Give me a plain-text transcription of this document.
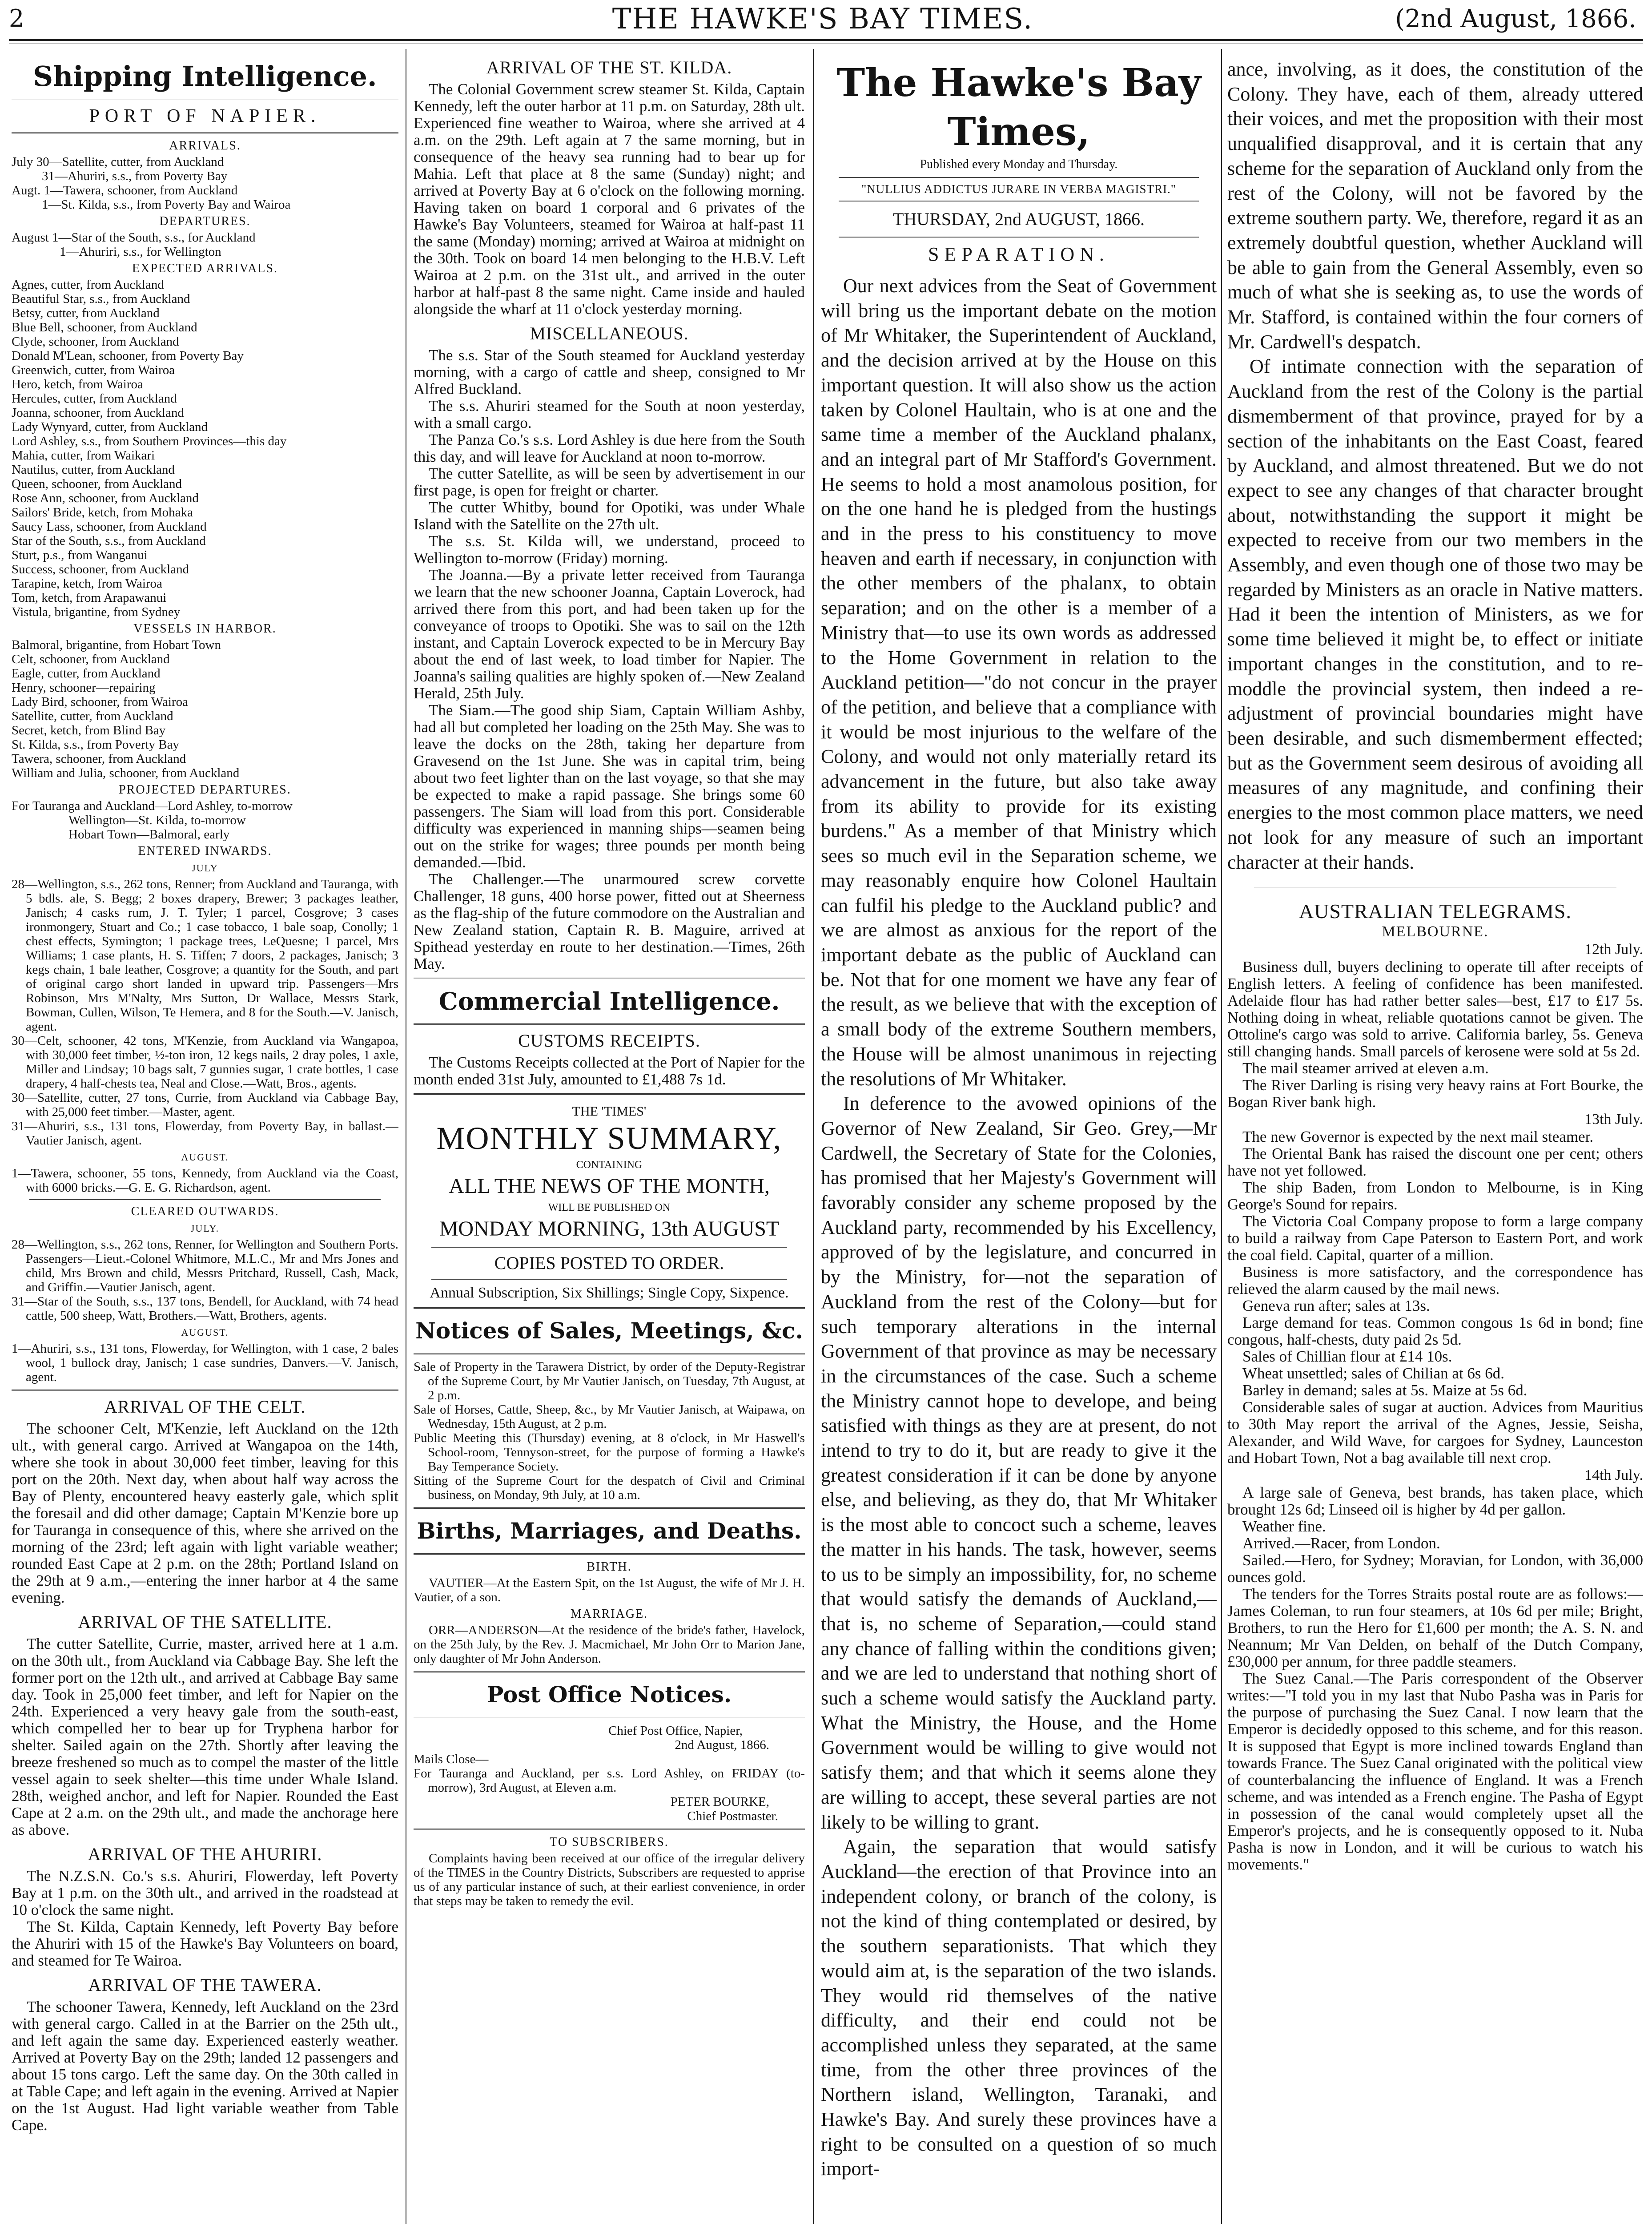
2	THE HAWKE'S BAY TIMES.	(2nd August, 1866.
Shipping Intelligence.
PORT OF NAPIER.
ARRIVALS.

July 30—Satellite, cutter, from Auckland

31—Ahuriri, s.s., from Poverty Bay

Augt. 1—Tawera, schooner, from Auckland

1—St. Kilda, s.s., from Poverty Bay and Wairoa

DEPARTURES.

August 1—Star of the South, s.s., for Auckland

1—Ahuriri, s.s., for Wellington

EXPECTED ARRIVALS.

Agnes, cutter, from Auckland

Beautiful Star, s.s., from Auckland

Betsy, cutter, from Auckland

Blue Bell, schooner, from Auckland

Clyde, schooner, from Auckland

Donald M'Lean, schooner, from Poverty Bay

Greenwich, cutter, from Wairoa

Hero, ketch, from Wairoa

Hercules, cutter, from Auckland

Joanna, schooner, from Auckland

Lady Wynyard, cutter, from Auckland

Lord Ashley, s.s., from Southern Provinces—this day

Mahia, cutter, from Waikari

Nautilus, cutter, from Auckland

Queen, schooner, from Auckland

Rose Ann, schooner, from Auckland

Sailors' Bride, ketch, from Mohaka

Saucy Lass, schooner, from Auckland

Star of the South, s.s., from Auckland

Sturt, p.s., from Wanganui

Success, schooner, from Auckland

Tarapine, ketch, from Wairoa

Tom, ketch, from Arapawanui

Vistula, brigantine, from Sydney

VESSELS IN HARBOR.

Balmoral, brigantine, from Hobart Town

Celt, schooner, from Auckland

Eagle, cutter, from Auckland

Henry, schooner—repairing

Lady Bird, schooner, from Wairoa

Satellite, cutter, from Auckland

Secret, ketch, from Blind Bay

St. Kilda, s.s., from Poverty Bay

Tawera, schooner, from Auckland

William and Julia, schooner, from Auckland

PROJECTED DEPARTURES.

For Tauranga and Auckland—Lord Ashley, to-morrow

Wellington—St. Kilda, to-morrow

Hobart Town—Balmoral, early

ENTERED INWARDS.
JULY

28—Wellington, s.s., 262 tons, Renner; from Auckland and Tauranga, with 5 bdls. ale, S. Begg; 2 boxes drapery, Brewer; 3 packages leather, Janisch; 4 casks rum, J. T. Tyler; 1 parcel, Cosgrove; 3 cases ironmongery, Stuart and Co.; 1 case tobacco, 1 bale soap, Conolly; 1 chest effects, Symington; 1 package trees, LeQuesne; 1 parcel, Mrs Williams; 1 case plants, H. S. Tiffen; 7 doors, 2 packages, Janisch; 3 kegs chain, 1 bale leather, Cosgrove; a quantity for the South, and part of original cargo short landed in upward trip. Passengers—Mrs Robinson, Mrs M'Nalty, Mrs Sutton, Dr Wallace, Messrs Stark, Bowman, Cullen, Wilson, Te Hemera, and 8 for the South.—V. Janisch, agent.

30—Celt, schooner, 42 tons, M'Kenzie, from Auckland via Wangapoa, with 30,000 feet timber, ½-ton iron, 12 kegs nails, 2 dray poles, 1 axle, Miller and Lindsay; 10 bags salt, 7 gunnies sugar, 1 crate bottles, 1 case drapery, 4 half-chests tea, Neal and Close.—Watt, Bros., agents.

30—Satellite, cutter, 27 tons, Currie, from Auckland via Cabbage Bay, with 25,000 feet timber.—Master, agent.

31—Ahuriri, s.s., 131 tons, Flowerday, from Poverty Bay, in ballast.—Vautier Janisch, agent.

AUGUST.

1—Tawera, schooner, 55 tons, Kennedy, from Auckland via the Coast, with 6000 bricks.—G. E. G. Richardson, agent.

CLEARED OUTWARDS.
JULY.

28—Wellington, s.s., 262 tons, Renner, for Wellington and Southern Ports. Passengers—Lieut.-Colonel Whitmore, M.L.C., Mr and Mrs Jones and child, Mrs Brown and child, Messrs Pritchard, Russell, Cash, Mack, and Griffin.—Vautier Janisch, agent.

31—Star of the South, s.s., 137 tons, Bendell, for Auckland, with 74 head cattle, 500 sheep, Watt, Brothers.—Watt, Brothers, agents.

AUGUST.

1—Ahuriri, s.s., 131 tons, Flowerday, for Wellington, with 1 case, 2 bales wool, 1 bullock dray, Janisch; 1 case sundries, Danvers.—V. Janisch, agent.

ARRIVAL OF THE CELT.

The schooner Celt, M'Kenzie, left Auckland on the 12th ult., with general cargo. Arrived at Wangapoa on the 14th, where she took in about 30,000 feet timber, leaving for this port on the 20th. Next day, when about half way across the Bay of Plenty, encountered heavy easterly gale, which split the foresail and did other damage; Captain M'Kenzie bore up for Tauranga in consequence of this, where she arrived on the morning of the 23rd; left again with light variable weather; rounded East Cape at 2 p.m. on the 28th; Portland Island on the 29th at 9 a.m.,—entering the inner harbor at 4 the same evening.

ARRIVAL OF THE SATELLITE.

The cutter Satellite, Currie, master, arrived here at 1 a.m. on the 30th ult., from Auckland via Cabbage Bay. She left the former port on the 12th ult., and arrived at Cabbage Bay same day. Took in 25,000 feet timber, and left for Napier on the 24th. Experienced a very heavy gale from the south-east, which compelled her to bear up for Tryphena harbor for shelter. Sailed again on the 27th. Shortly after leaving the breeze freshened so much as to compel the master of the little vessel again to seek shelter—this time under Whale Island. 28th, weighed anchor, and left for Napier. Rounded the East Cape at 2 a.m. on the 29th ult., and made the anchorage here as above.

ARRIVAL OF THE AHURIRI.

The N.Z.S.N. Co.'s s.s. Ahuriri, Flowerday, left Poverty Bay at 1 p.m. on the 30th ult., and arrived in the roadstead at 10 o'clock the same night.

The St. Kilda, Captain Kennedy, left Poverty Bay before the Ahuriri with 15 of the Hawke's Bay Volunteers on board, and steamed for Te Wairoa.

ARRIVAL OF THE TAWERA.

The schooner Tawera, Kennedy, left Auckland on the 23rd with general cargo. Called in at the Barrier on the 25th ult., and left again the same day. Experienced easterly weather. Arrived at Poverty Bay on the 29th; landed 12 passengers and about 15 tons cargo. Left the same day. On the 30th called in at Table Cape; and left again in the evening. Arrived at Napier on the 1st August. Had light variable weather from Table Cape.

ARRIVAL OF THE ST. KILDA.

The Colonial Government screw steamer St. Kilda, Captain Kennedy, left the outer harbor at 11 p.m. on Saturday, 28th ult. Experienced fine weather to Wairoa, where she arrived at 4 a.m. on the 29th. Left again at 7 the same morning, but in consequence of the heavy sea running had to bear up for Mahia. Left that place at 8 the same (Sunday) night; and arrived at Poverty Bay at 6 o'clock on the following morning. Having taken on board 1 corporal and 6 privates of the Hawke's Bay Volunteers, steamed for Wairoa at half-past 11 the same (Monday) morning; arrived at Wairoa at midnight on the 30th. Took on board 14 men belonging to the H.B.V. Left Wairoa at 2 p.m. on the 31st ult., and arrived in the outer harbor at half-past 8 the same night. Came inside and hauled alongside the wharf at 11 o'clock yesterday morning.

MISCELLANEOUS.

The s.s. Star of the South steamed for Auckland yesterday morning, with a cargo of cattle and sheep, consigned to Mr Alfred Buckland.

The s.s. Ahuriri steamed for the South at noon yesterday, with a small cargo.

The Panza Co.'s s.s. Lord Ashley is due here from the South this day, and will leave for Auckland at noon to-morrow.

The cutter Satellite, as will be seen by advertisement in our first page, is open for freight or charter.

The cutter Whitby, bound for Opotiki, was under Whale Island with the Satellite on the 27th ult.

The s.s. St. Kilda will, we understand, proceed to Wellington to-morrow (Friday) morning.

The Joanna.—By a private letter received from Tauranga we learn that the new schooner Joanna, Captain Loverock, had arrived there from this port, and had been taken up for the conveyance of troops to Opotiki. She was to sail on the 12th instant, and Captain Loverock expected to be in Mercury Bay about the end of last week, to load timber for Napier. The Joanna's sailing qualities are highly spoken of.—New Zealand Herald, 25th July.

The Siam.—The good ship Siam, Captain William Ashby, had all but completed her loading on the 25th May. She was to leave the docks on the 28th, taking her departure from Gravesend on the 1st June. She was in capital trim, being about two feet lighter than on the last voyage, so that she may be expected to make a rapid passage. She brings some 60 passengers. The Siam will load from this port. Considerable difficulty was experienced in manning ships—seamen being out on the strike for wages; three pounds per month being demanded.—Ibid.

The Challenger.—The unarmoured screw corvette Challenger, 18 guns, 400 horse power, fitted out at Sheerness as the flag-ship of the future commodore on the Australian and New Zealand station, Captain R. B. Maguire, arrived at Spithead yesterday en route to her destination.—Times, 26th May.

Commercial Intelligence.
CUSTOMS RECEIPTS.

The Customs Receipts collected at the Port of Napier for the month ended 31st July, amounted to £1,488 7s 1d.

THE 'TIMES'
MONTHLY SUMMARY,
CONTAINING
ALL THE NEWS OF THE MONTH,
WILL BE PUBLISHED ON
MONDAY MORNING, 13th AUGUST
COPIES POSTED TO ORDER.
Annual Subscription, Six Shillings; Single Copy, Sixpence.
Notices of Sales, Meetings, &c.

Sale of Property in the Tarawera District, by order of the Deputy-Registrar of the Supreme Court, by Mr Vautier Janisch, on Tuesday, 7th August, at 2 p.m.

Sale of Horses, Cattle, Sheep, &c., by Mr Vautier Janisch, at Waipawa, on Wednesday, 15th August, at 2 p.m.

Public Meeting this (Thursday) evening, at 8 o'clock, in Mr Haswell's School-room, Tennyson-street, for the purpose of forming a Hawke's Bay Temperance Society.

Sitting of the Supreme Court for the despatch of Civil and Criminal business, on Monday, 9th July, at 10 a.m.

Births, Marriages, and Deaths.
BIRTH.

VAUTIER—At the Eastern Spit, on the 1st August, the wife of Mr J. H. Vautier, of a son.

MARRIAGE.

ORR—ANDERSON—At the residence of the bride's father, Havelock, on the 25th July, by the Rev. J. Macmichael, Mr John Orr to Marion Jane, only daughter of Mr John Anderson.

Post Office Notices.

Chief Post Office, Napier,

2nd August, 1866.

Mails Close—

For Tauranga and Auckland, per s.s. Lord Ashley, on FRIDAY (to-morrow), 3rd August, at Eleven a.m.

PETER BOURKE,

Chief Postmaster.

TO SUBSCRIBERS.

Complaints having been received at our office of the irregular delivery of the TIMES in the Country Districts, Subscribers are requested to apprise us of any particular instance of such, at their earliest convenience, in order that steps may be taken to remedy the evil.

The Hawke's Bay Times,
Published every Monday and Thursday.
"NULLIUS ADDICTUS JURARE IN VERBA MAGISTRI."
THURSDAY, 2nd AUGUST, 1866.
SEPARATION.

Our next advices from the Seat of Government will bring us the important debate on the motion of Mr Whitaker, the Superintendent of Auckland, and the decision arrived at by the House on this important question. It will also show us the action taken by Colonel Haultain, who is at one and the same time a member of the Auckland phalanx, and an integral part of Mr Stafford's Government. He seems to hold a most anamolous position, for on the one hand he is pledged from the hustings and in the press to his constituency to move heaven and earth if necessary, in conjunction with the other members of the phalanx, to obtain separation; and on the other is a member of a Ministry that—to use its own words as addressed to the Home Government in relation to the Auckland petition—"do not concur in the prayer of the petition, and believe that a compliance with it would be most injurious to the welfare of the Colony, and would not only materially retard its advancement in the future, but also take away from its ability to provide for its existing burdens." As a member of that Ministry which sees so much evil in the Separation scheme, we may reasonably enquire how Colonel Haultain can fulfil his pledge to the Auckland public? and we are almost as anxious for the report of the important debate as the public of Auckland can be. Not that for one moment we have any fear of the result, as we believe that with the exception of a small body of the extreme Southern members, the House will be almost unanimous in rejecting the resolutions of Mr Whitaker.

In deference to the avowed opinions of the Governor of New Zealand, Sir Geo. Grey,—Mr Cardwell, the Secretary of State for the Colonies, has promised that her Majesty's Government will favorably consider any scheme proposed by the Auckland party, recommended by his Excellency, approved of by the legislature, and concurred in by the Ministry, for—not the separation of Auckland from the rest of the Colony—but for such temporary alterations in the internal Government of that province as may be necessary in the circumstances of the case. Such a scheme the Ministry cannot hope to develope, and being satisfied with things as they are at present, do not intend to try to do it, but are ready to give it the greatest consideration if it can be done by anyone else, and believing, as they do, that Mr Whitaker is the most able to concoct such a scheme, leaves the matter in his hands. The task, however, seems to us to be simply an impossibility, for, no scheme that would satisfy the demands of Auckland,—that is, no scheme of Separation,—could stand any chance of falling within the conditions given; and we are led to understand that nothing short of such a scheme would satisfy the Auckland party. What the Ministry, the House, and the Home Government would be willing to give would not satisfy them; and that which it seems alone they are willing to accept, these several parties are not likely to be willing to grant.

Again, the separation that would satisfy Auckland—the erection of that Province into an independent colony, or branch of the colony, is not the kind of thing contemplated or desired, by the southern separationists. That which they would aim at, is the separation of the two islands. They would rid themselves of the native difficulty, and their end could not be accomplished unless they separated, at the same time, from the other three provinces of the Northern island, Wellington, Taranaki, and Hawke's Bay. And surely these provinces have a right to be consulted on a question of so much import-

ance, involving, as it does, the constitution of the Colony. They have, each of them, already uttered their voices, and met the proposition with their most unqualified disapproval, and it is certain that any scheme for the separation of Auckland only from the rest of the Colony, will not be favored by the extreme southern party. We, therefore, regard it as an extremely doubtful question, whether Auckland will be able to gain from the General Assembly, even so much of what she is seeking as, to use the words of Mr. Stafford, is contained within the four corners of Mr. Cardwell's despatch.

Of intimate connection with the separation of Auckland from the rest of the Colony is the partial dismemberment of that province, prayed for by a section of the inhabitants on the East Coast, feared by Auckland, and almost threatened. But we do not expect to see any changes of that character brought about, notwithstanding the support it might be expected to receive from our two members in the Assembly, and even though one of those two may be regarded by Ministers as an oracle in Native matters. Had it been the intention of Ministers, as we for some time believed it might be, to effect or initiate important changes in the constitution, and to re-moddle the provincial system, then indeed a re-adjustment of provincial boundaries might have been desirable, and such dismemberment effected; but as the Government seem desirous of avoiding all measures of any magnitude, and confining their energies to the most common place matters, we need not look for any measure of such an important character at their hands.

AUSTRALIAN TELEGRAMS.
MELBOURNE.

12th July.

Business dull, buyers declining to operate till after receipts of English letters. A feeling of confidence has been manifested. Adelaide flour has had rather better sales—best, £17 to £17 5s. Nothing doing in wheat, reliable quotations cannot be given. The Ottoline's cargo was sold to arrive. California barley, 5s. Geneva still changing hands. Small parcels of kerosene were sold at 5s 2d.

The mail steamer arrived at eleven a.m.

The River Darling is rising very heavy rains at Fort Bourke, the Bogan River bank high.

13th July.

The new Governor is expected by the next mail steamer.

The Oriental Bank has raised the discount one per cent; others have not yet followed.

The ship Baden, from London to Melbourne, is in King George's Sound for repairs.

The Victoria Coal Company propose to form a large company to build a railway from Cape Paterson to Eastern Port, and work the coal field. Capital, quarter of a million.

Business is more satisfactory, and the correspondence has relieved the alarm caused by the mail news.

Geneva run after; sales at 13s.

Large demand for teas. Common congous 1s 6d in bond; fine congous, half-chests, duty paid 2s 5d.

Sales of Chillian flour at £14 10s.

Wheat unsettled; sales of Chilian at 6s 6d.

Barley in demand; sales at 5s. Maize at 5s 6d.

Considerable sales of sugar at auction. Advices from Mauritius to 30th May report the arrival of the Agnes, Jessie, Seisha, Alexander, and Wild Wave, for cargoes for Sydney, Launceston and Hobart Town, Not a bag available till next crop.

14th July.

A large sale of Geneva, best brands, has taken place, which brought 12s 6d; Linseed oil is higher by 4d per gallon.

Weather fine.

Arrived.—Racer, from London.

Sailed.—Hero, for Sydney; Moravian, for London, with 36,000 ounces gold.

The tenders for the Torres Straits postal route are as follows:—James Coleman, to run four steamers, at 10s 6d per mile; Bright, Brothers, to run the Hero for £1,600 per month; the A. S. N. and Neannum; Mr Van Delden, on behalf of the Dutch Company, £30,000 per annum, for three paddle steamers.

The Suez Canal.—The Paris correspondent of the Observer writes:—"I told you in my last that Nubo Pasha was in Paris for the purpose of purchasing the Suez Canal. I now learn that the Emperor is decidedly opposed to this scheme, and for this reason. It is supposed that Egypt is more inclined towards England than towards France. The Suez Canal originated with the political view of counterbalancing the influence of England. It was a French scheme, and was intended as a French engine. The Pasha of Egypt in possession of the canal would completely upset all the Emperor's projects, and he is consequently opposed to it. Nuba Pasha is now in London, and it will be curious to watch his movements."
